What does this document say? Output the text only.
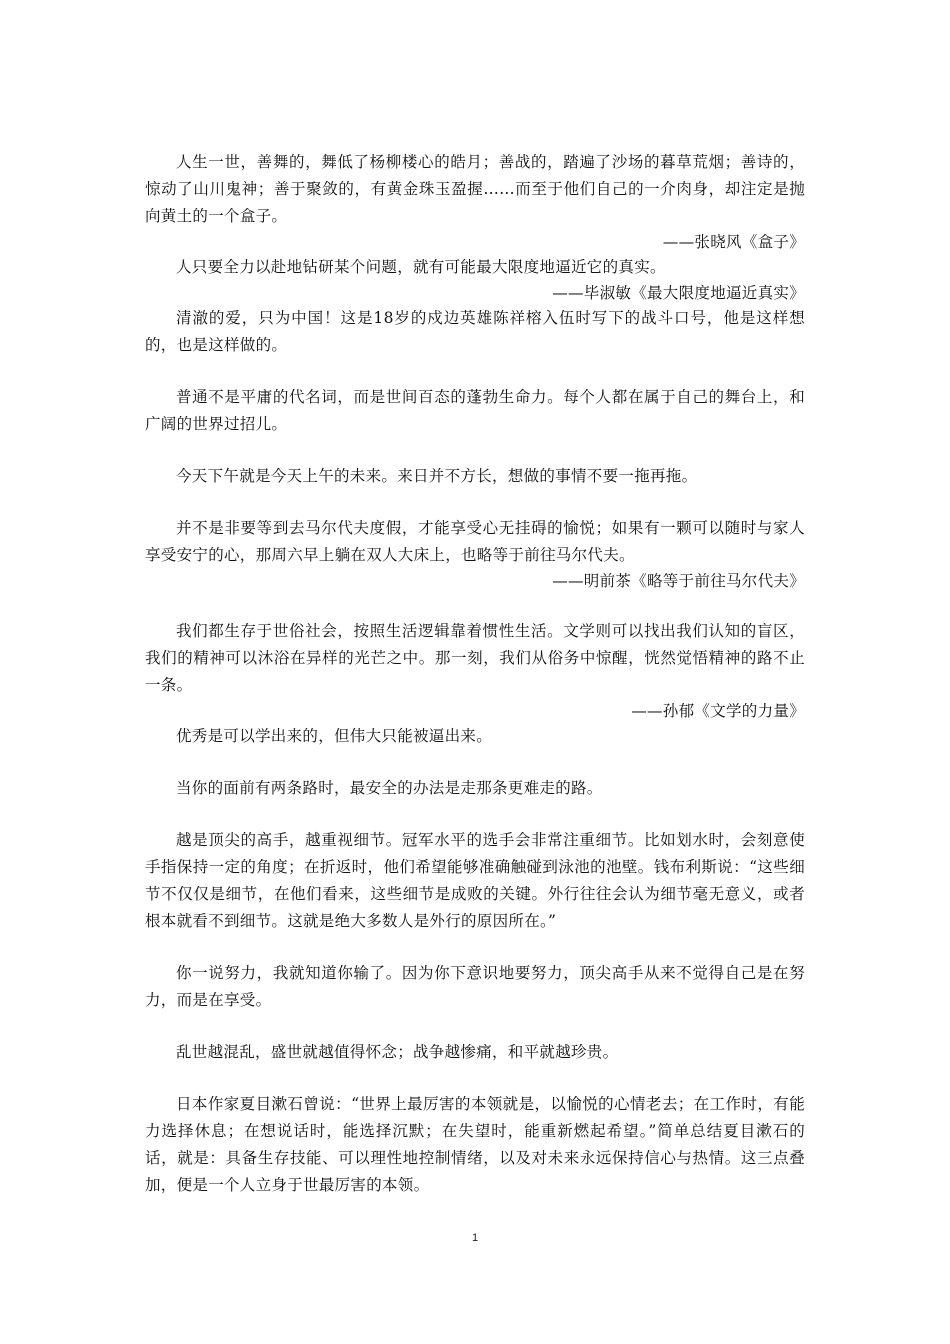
人生一世，善舞的，舞低了杨柳楼心的皓月；善战的，踏遍了沙场的暮草荒烟；善诗的，惊动了山川鬼神；善于聚敛的，有黄金珠玉盈握……而至于他们自己的一介肉身，却注定是抛向黄土的一个盒子。

——张晓风《盒子》

人只要全力以赴地钻研某个问题，就有可能最大限度地逼近它的真实。

——毕淑敏《最大限度地逼近真实》

清澈的爱，只为中国！这是18岁的戍边英雄陈祥榕入伍时写下的战斗口号，他是这样想的，也是这样做的。

普通不是平庸的代名词，而是世间百态的蓬勃生命力。每个人都在属于自己的舞台上，和广阔的世界过招儿。

今天下午就是今天上午的未来。来日并不方长，想做的事情不要一拖再拖。

并不是非要等到去马尔代夫度假，才能享受心无挂碍的愉悦；如果有一颗可以随时与家人享受安宁的心，那周六早上躺在双人大床上，也略等于前往马尔代夫。

——明前茶《略等于前往马尔代夫》

我们都生存于世俗社会，按照生活逻辑靠着惯性生活。文学则可以找出我们认知的盲区，我们的精神可以沐浴在异样的光芒之中。那一刻，我们从俗务中惊醒，恍然觉悟精神的路不止一条。

——孙郁《文学的力量》

优秀是可以学出来的，但伟大只能被逼出来。

当你的面前有两条路时，最安全的办法是走那条更难走的路。

越是顶尖的高手，越重视细节。冠军水平的选手会非常注重细节。比如划水时，会刻意使手指保持一定的角度；在折返时，他们希望能够准确触碰到泳池的池壁。钱布利斯说：“这些细节不仅仅是细节，在他们看来，这些细节是成败的关键。外行往往会认为细节毫无意义，或者根本就看不到细节。这就是绝大多数人是外行的原因所在。”

你一说努力，我就知道你输了。因为你下意识地要努力，顶尖高手从来不觉得自己是在努力，而是在享受。

乱世越混乱，盛世就越值得怀念；战争越惨痛，和平就越珍贵。

日本作家夏目漱石曾说：“世界上最厉害的本领就是，以愉悦的心情老去；在工作时，有能力选择休息；在想说话时，能选择沉默；在失望时，能重新燃起希望。”简单总结夏目漱石的话，就是：具备生存技能、可以理性地控制情绪，以及对未来永远保持信心与热情。这三点叠加，便是一个人立身于世最厉害的本领。

1
